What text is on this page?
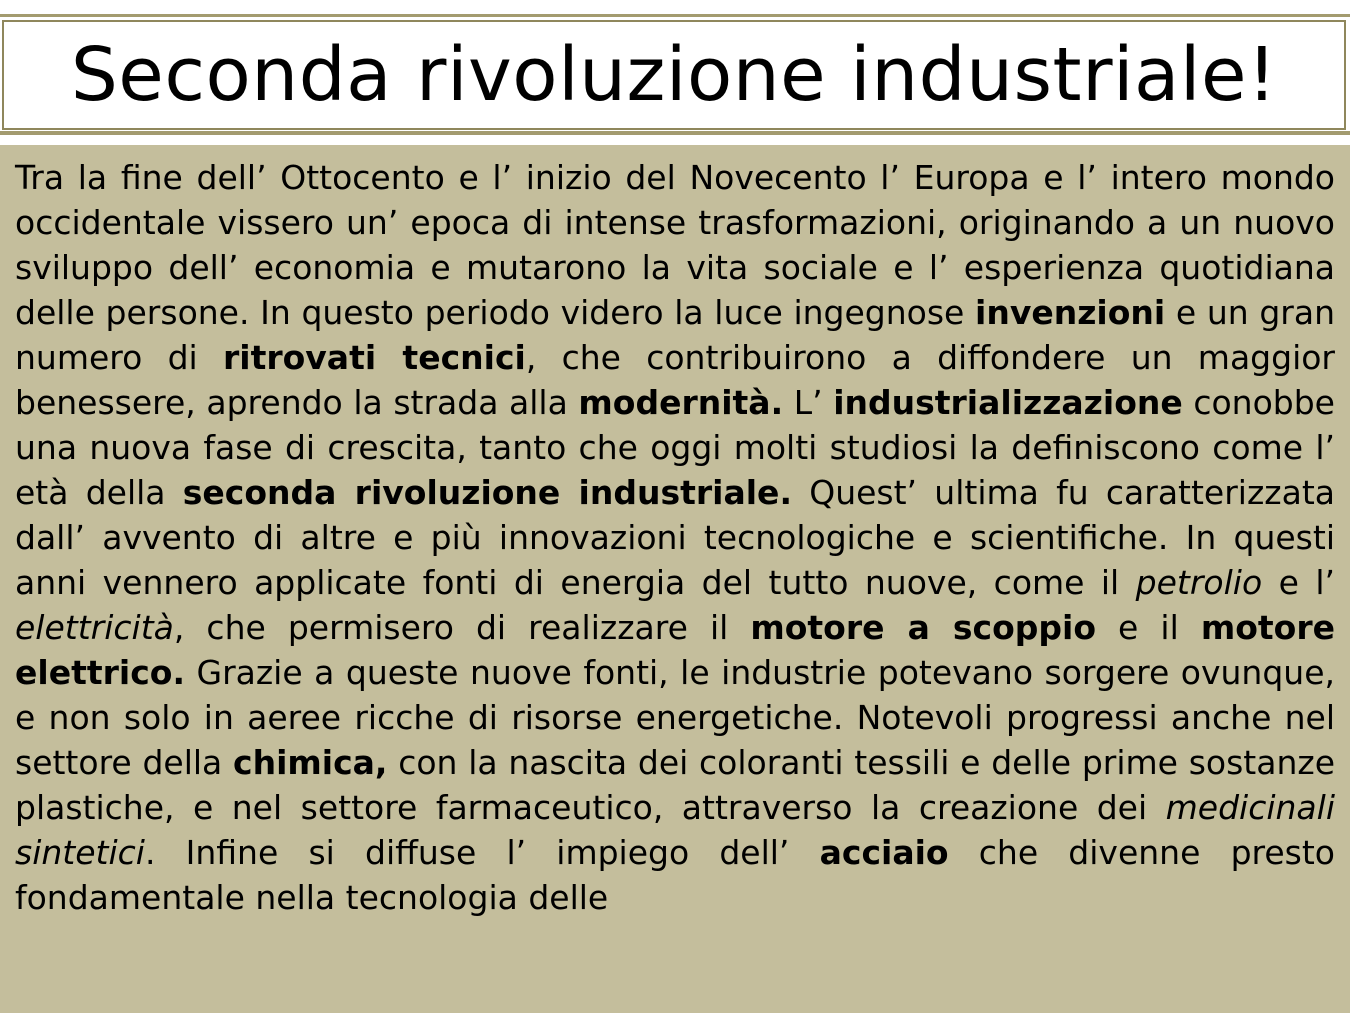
Seconda rivoluzione industriale!

Tra la fine dell’ Ottocento e l’ inizio del Novecento l’ Europa e l’ intero mondo occidentale vissero un’ epoca di intense trasformazioni, originando a un nuovo sviluppo dell’ economia e mutarono la vita sociale e l’ esperienza quotidiana delle persone. In questo periodo videro la luce ingegnose invenzioni e un gran numero di ritrovati tecnici, che contribuirono a diffondere un maggior benessere, aprendo la strada alla modernità. L’ industrializzazione conobbe una nuova fase di crescita, tanto che oggi molti studiosi la definiscono come l’ età della seconda rivoluzione industriale. Quest’ ultima fu caratterizzata dall’ avvento di altre e più innovazioni tecnologiche e scientifiche. In questi anni vennero applicate fonti di energia del tutto nuove, come il petrolio e l’ elettricità, che permisero di realizzare il motore a scoppio e il motore elettrico. Grazie a queste nuove fonti, le industrie potevano sorgere ovunque, e non solo in aeree ricche di risorse energetiche. Notevoli progressi anche nel settore della chimica, con la nascita dei coloranti tessili e delle prime sostanze plastiche, e nel settore farmaceutico, attraverso la creazione dei medicinali sintetici. Infine si diffuse l’ impiego dell’ acciaio che divenne presto fondamentale nella tecnologia delle
